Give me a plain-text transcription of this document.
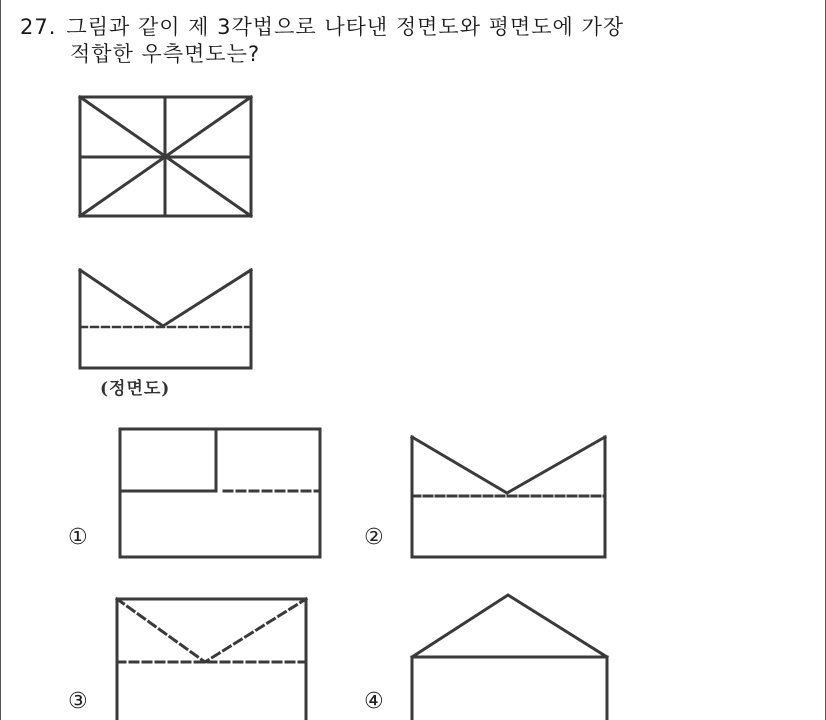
27. 그림과 같이 제 3각법으로 나타낸 정면도와 평면도에 가장
적합한 우측면도는?
(정면도)
①	②
③	④
